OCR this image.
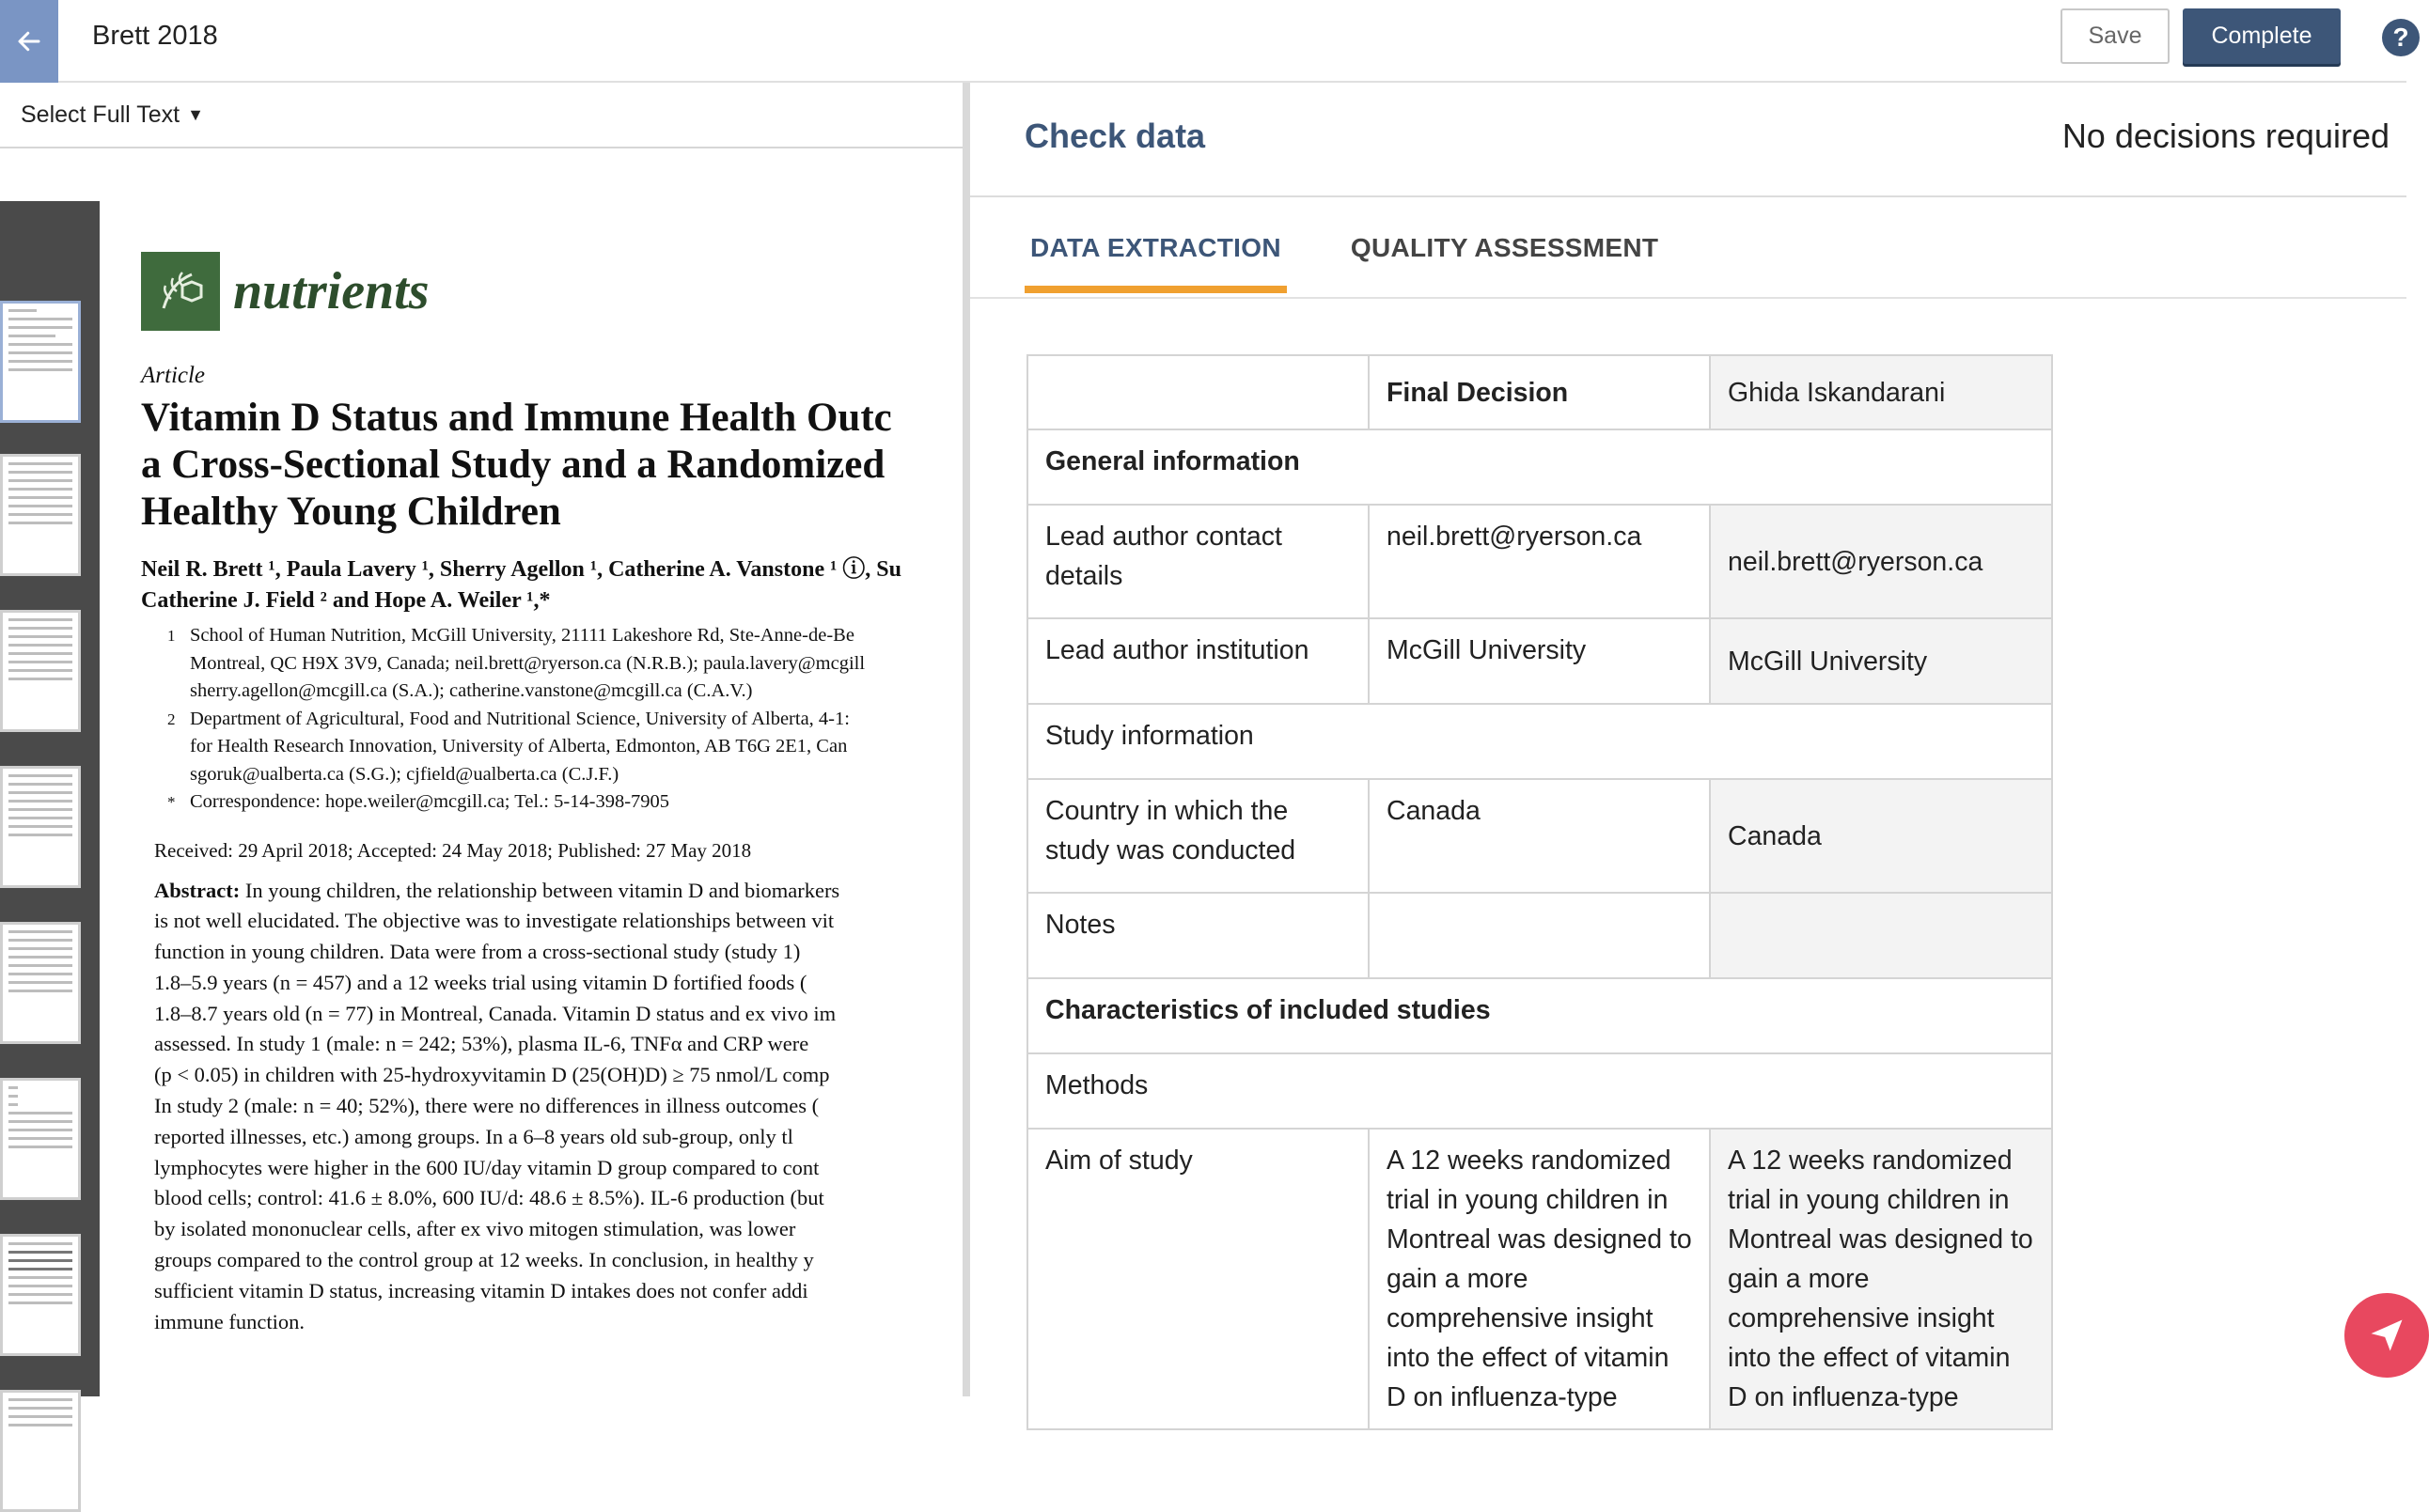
Brett 2018	Save	Complete	?
Select Full Text ▼
nutrients
Article
Vitamin D Status and Immune Health Outc
a Cross-Sectional Study and a Randomized
Healthy Young Children
Neil R. Brett ¹, Paula Lavery ¹, Sherry Agellon ¹, Catherine A. Vanstone ¹ ⓘ, Su
Catherine J. Field ² and Hope A. Weiler ¹,*
1 School of Human Nutrition, McGill University, 21111 Lakeshore Rd, Ste-Anne-de-Be
Montreal, QC H9X 3V9, Canada; neil.brett@ryerson.ca (N.R.B.); paula.lavery@mcgill
sherry.agellon@mcgill.ca (S.A.); catherine.vanstone@mcgill.ca (C.A.V.)
2 Department of Agricultural, Food and Nutritional Science, University of Alberta, 4-1:
for Health Research Innovation, University of Alberta, Edmonton, AB T6G 2E1, Can
sgoruk@ualberta.ca (S.G.); cjfield@ualberta.ca (C.J.F.)
* Correspondence: hope.weiler@mcgill.ca; Tel.: 5-14-398-7905
Received: 29 April 2018; Accepted: 24 May 2018; Published: 27 May 2018
Abstract: In young children, the relationship between vitamin D and biomarkers
is not well elucidated. The objective was to investigate relationships between vit
function in young children. Data were from a cross-sectional study (study 1)
1.8–5.9 years (n = 457) and a 12 weeks trial using vitamin D fortified foods (
1.8–8.7 years old (n = 77) in Montreal, Canada. Vitamin D status and ex vivo im
assessed. In study 1 (male: n = 242; 53%), plasma IL-6, TNFα and CRP were
(p < 0.05) in children with 25-hydroxyvitamin D (25(OH)D) ≥ 75 nmol/L comp
In study 2 (male: n = 40; 52%), there were no differences in illness outcomes (
reported illnesses, etc.) among groups. In a 6–8 years old sub-group, only tl
lymphocytes were higher in the 600 IU/day vitamin D group compared to cont
blood cells; control: 41.6 ± 8.0%, 600 IU/d: 48.6 ± 8.5%). IL-6 production (but
by isolated mononuclear cells, after ex vivo mitogen stimulation, was lower
groups compared to the control group at 12 weeks. In conclusion, in healthy y
sufficient vitamin D status, increasing vitamin D intakes does not confer addi
immune function.
Check data	No decisions required
DATA EXTRACTION	QUALITY ASSESSMENT
	Final Decision	Ghida Iskandarani
General information		
Lead author contact details	neil.brett@ryerson.ca	neil.brett@ryerson.ca
Lead author institution	McGill University	McGill University
Study information		
Country in which the study was conducted	Canada	Canada
Notes		
Characteristics of included studies		
Methods		
Aim of study	A 12 weeks randomized trial in young children in Montreal was designed to gain a more comprehensive insight into the effect of vitamin D on influenza-type	A 12 weeks randomized trial in young children in Montreal was designed to gain a more comprehensive insight into the effect of vitamin D on influenza-type
